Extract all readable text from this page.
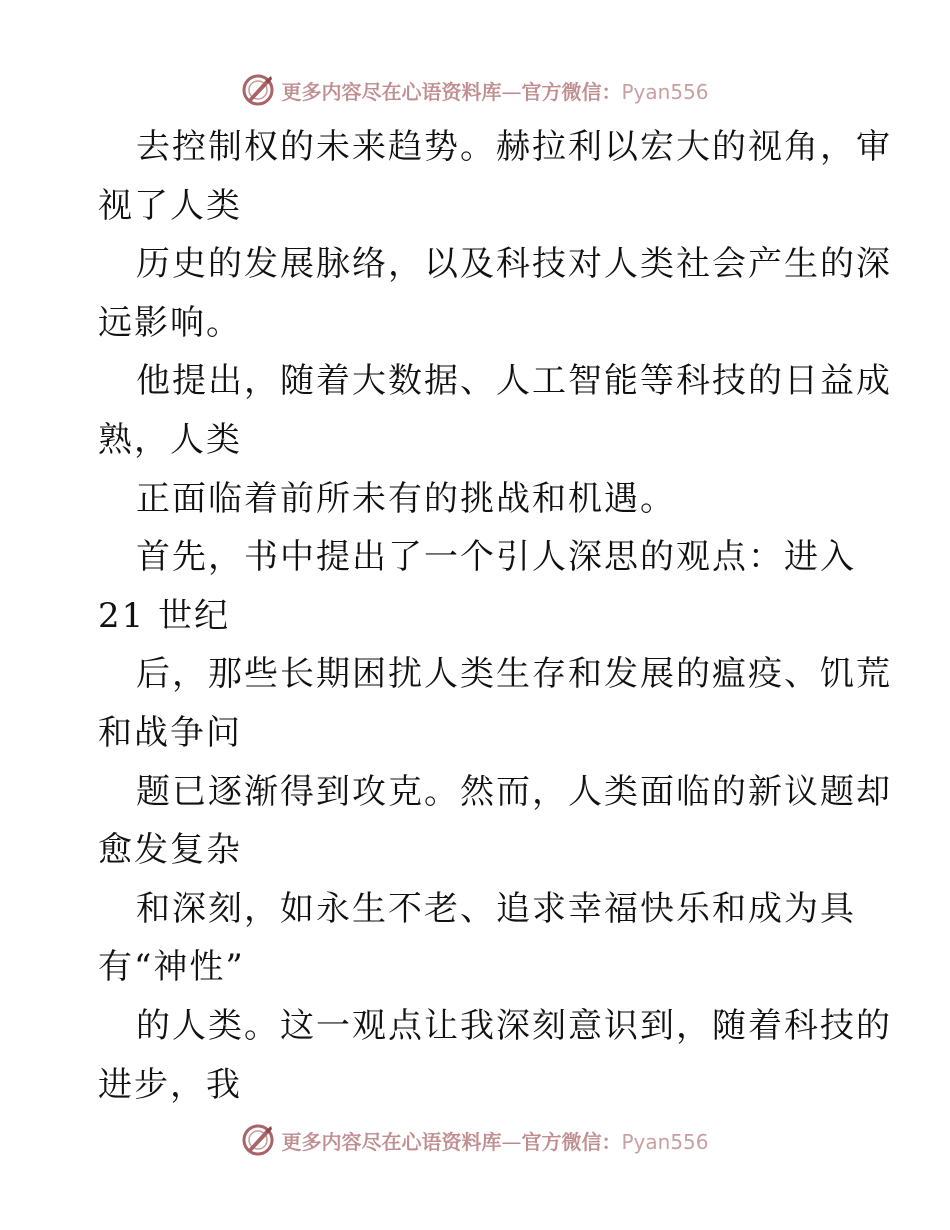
更多内容尽在心语资料库—官方微信：Pyan556
去控制权的未来趋势。赫拉利以宏大的视角，审
视了人类
历史的发展脉络，以及科技对人类社会产生的深
远影响。
他提出，随着大数据、人工智能等科技的日益成
熟，人类
正面临着前所未有的挑战和机遇。
首先，书中提出了一个引人深思的观点：进入
21 世纪
后，那些长期困扰人类生存和发展的瘟疫、饥荒
和战争问
题已逐渐得到攻克。然而，人类面临的新议题却
愈发复杂
和深刻，如永生不老、追求幸福快乐和成为具
有“神性”
的人类。这一观点让我深刻意识到，随着科技的
进步，我
更多内容尽在心语资料库—官方微信：Pyan556
